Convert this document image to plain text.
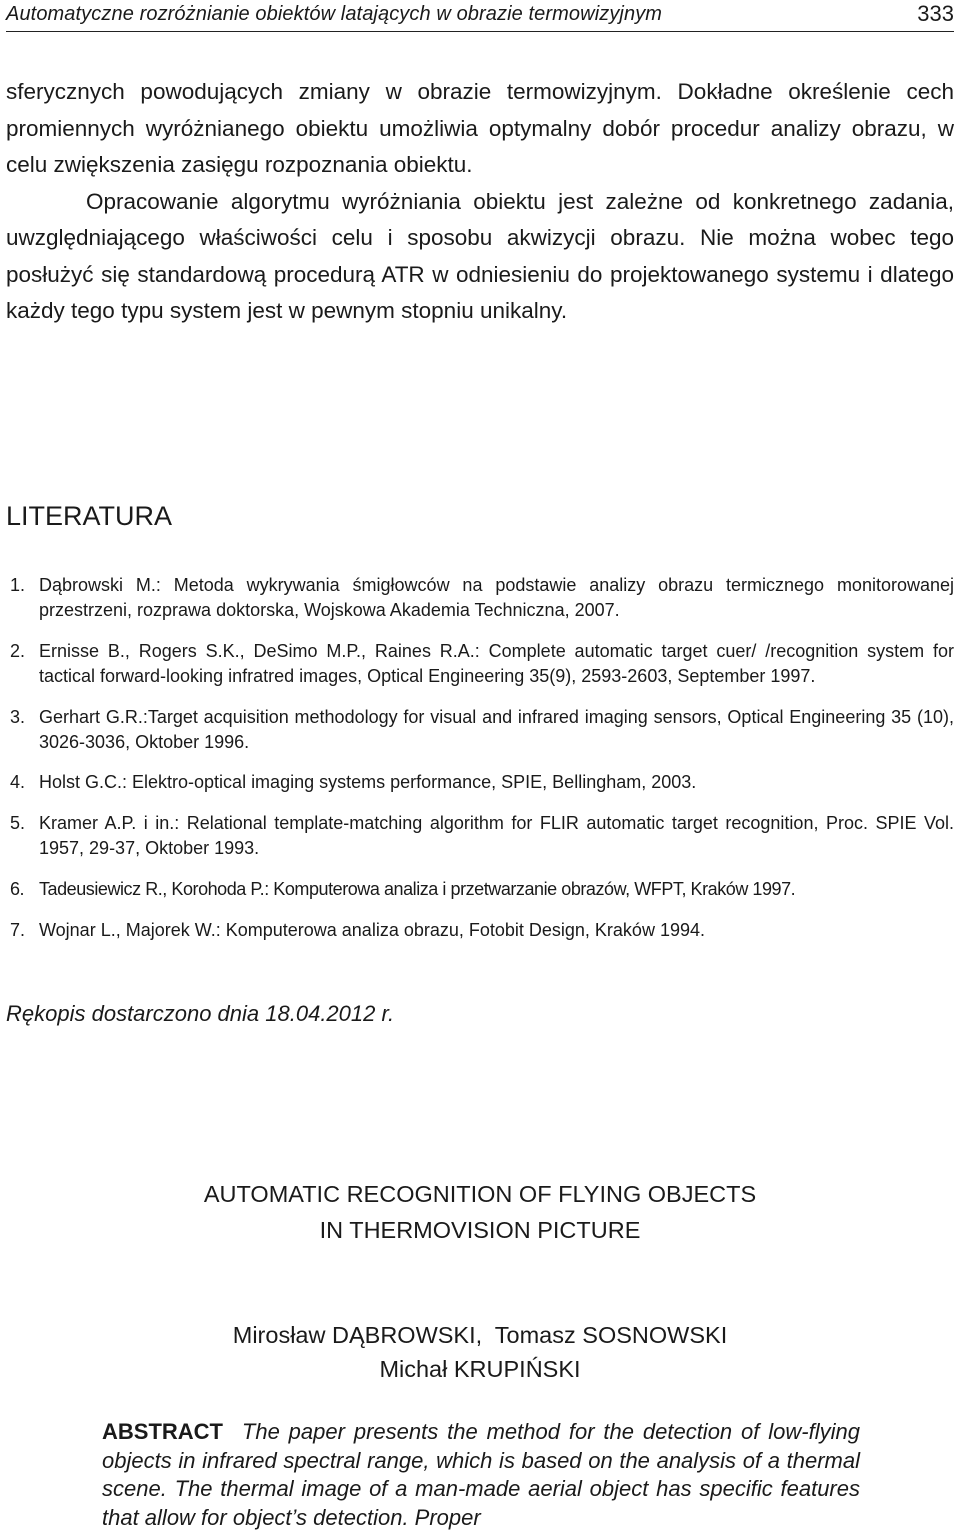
Automatyczne rozróżnianie obiektów latających w obrazie termowizyjnym	333

sferycznych powodujących zmiany w obrazie termowizyjnym. Dokładne określenie cech promiennych wyróżnianego obiektu umożliwia optymalny dobór procedur analizy obrazu, w celu zwiększenia zasięgu rozpoznania obiektu.

Opracowanie algorytmu wyróżniania obiektu jest zależne od konkretnego zadania, uwzględniającego właściwości celu i sposobu akwizycji obrazu. Nie można wobec tego posłużyć się standardową procedurą ATR w odniesieniu do projektowanego systemu i dlatego każdy tego typu system jest w pewnym stopniu unikalny.

LITERATURA
1. Dąbrowski M.: Metoda wykrywania śmigłowców na podstawie analizy obrazu termicznego monitorowanej przestrzeni, rozprawa doktorska, Wojskowa Akademia Techniczna, 2007.
2. Ernisse B., Rogers S.K., DeSimo M.P., Raines R.A.: Complete automatic target cuer/ /recognition system for tactical forward-looking infratred images, Optical Engineering 35(9), 2593-2603, September 1997.
3. Gerhart G.R.:Target acquisition methodology for visual and infrared imaging sensors, Optical Engineering 35 (10), 3026-3036, Oktober 1996.
4. Holst G.C.: Elektro-optical imaging systems performance, SPIE, Bellingham, 2003.
5. Kramer A.P. i in.: Relational template-matching algorithm for FLIR automatic target recognition, Proc. SPIE Vol. 1957, 29-37, Oktober 1993.
6. Tadeusiewicz R., Korohoda P.: Komputerowa analiza i przetwarzanie obrazów, WFPT, Kraków 1997.
7. Wojnar L., Majorek W.: Komputerowa analiza obrazu, Fotobit Design, Kraków 1994.

Rękopis dostarczono dnia 18.04.2012 r.

AUTOMATIC RECOGNITION OF FLYING OBJECTS
IN THERMOVISION PICTURE
Mirosław DĄBROWSKI,  Tomasz SOSNOWSKI
Michał KRUPIŃSKI

ABSTRACT The paper presents the method for the detection of low-flying objects in infrared spectral range, which is based on the analysis of a thermal scene. The thermal image of a man-made aerial object has specific features that allow for object’s detection. Proper
